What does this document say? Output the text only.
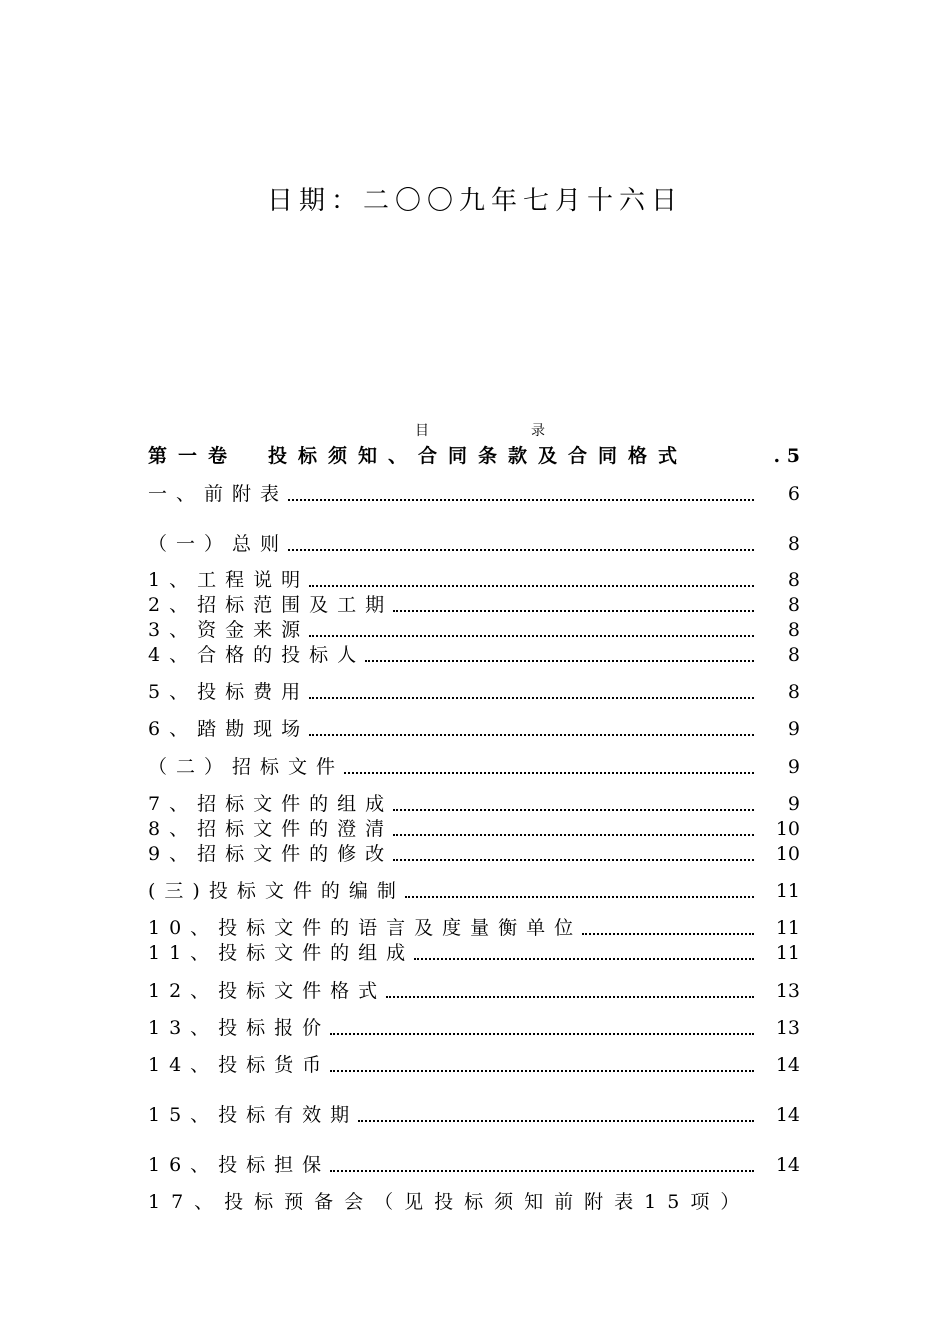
日期：二〇〇九年七月十六日
目	录
第一卷　投标须知、合同条款及合同格式	. 5
一、前附表	6
（一）总则	8
1、工程说明	8
2、招标范围及工期	8
3、资金来源	8
4、合格的投标人	8
5、投标费用	8
6、踏勘现场	9
（二）招标文件	9
7、招标文件的组成	9
8、招标文件的澄清	10
9、招标文件的修改	10
(三)投标文件的编制	11
10、投标文件的语言及度量衡单位	11
11、投标文件的组成	11
12、投标文件格式	13
13、投标报价	13
14、投标货币	14
15、投标有效期	14
16、投标担保	14
17、投标预备会（见投标须知前附表15项）
